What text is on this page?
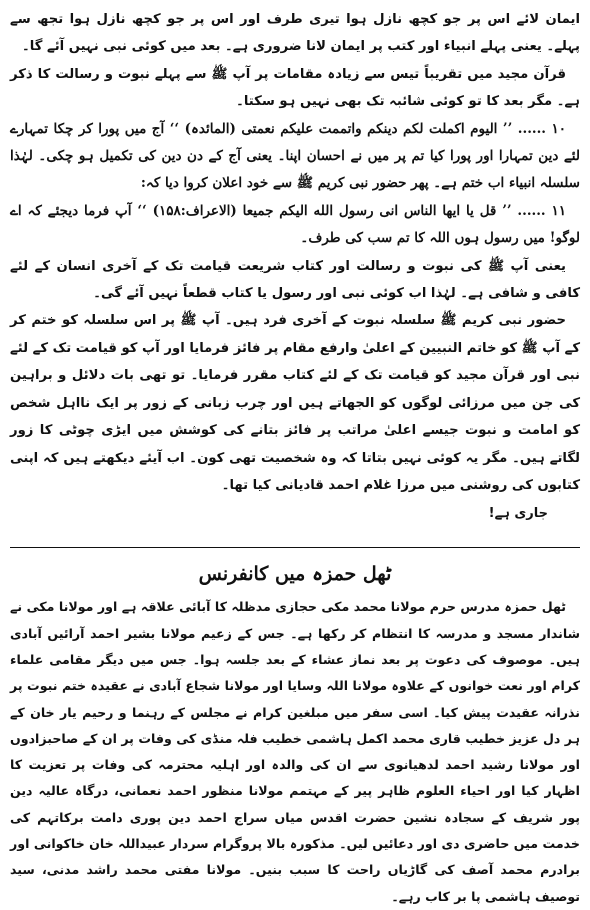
ایمان لائے اس پر جو کچھ نازل ہوا تیری طرف اور اس پر جو کچھ نازل ہوا تجھ سے پہلے۔ یعنی پہلے انبیاء اور کتب پر ایمان لانا ضروری ہے۔ بعد میں کوئی نبی نہیں آئے گا۔

قرآن مجید میں تقریباً تیس سے زیادہ مقامات پر آپ ﷺ سے پہلے نبوت و رسالت کا ذکر ہے۔ مگر بعد کا تو کوئی شائبہ تک بھی نہیں ہو سکتا۔

۱۰ ...... ’’ الیوم اکملت لکم دینکم واتممت علیکم نعمتی (المائدہ) ‘‘ آج میں پورا کر چکا تمہارے لئے دین تمہارا اور پورا کیا تم پر میں نے احسان اپنا۔ یعنی آج کے دن دین کی تکمیل ہو چکی۔ لہٰذا سلسلہ انبیاء اب ختم ہے۔ پھر حضور نبی کریم ﷺ سے خود اعلان کروا دیا کہ:

۱۱ ...... ’’ قل یا ایها الناس انی رسول الله الیکم جمیعا (الاعراف:۱۵۸) ‘‘ آپ فرما دیجئے کہ اے لوگو! میں رسول ہوں اللہ کا تم سب کی طرف۔

یعنی آپ ﷺ کی نبوت و رسالت اور کتاب شریعت قیامت تک کے آخری انسان کے لئے کافی و شافی ہے۔ لہٰذا اب کوئی نبی اور رسول یا کتاب قطعاً نہیں آئے گی۔

حضور نبی کریم ﷺ سلسلہ نبوت کے آخری فرد ہیں۔ آپ ﷺ پر اس سلسلہ کو ختم کر کے آپ ﷺ کو خاتم النبیین کے اعلیٰ وارفع مقام پر فائز فرمایا اور آپ کو قیامت تک کے لئے نبی اور قرآن مجید کو قیامت تک کے لئے کتاب مقرر فرمایا۔ تو تھی بات دلائل و براہین کی جن میں مرزائی لوگوں کو الجھاتے ہیں اور چرب زبانی کے زور پر ایک نااہل شخص کو امامت و نبوت جیسے اعلیٰ مراتب پر فائز بتانے کی کوشش میں ایڑی چوٹی کا زور لگاتے ہیں۔ مگر یہ کوئی نہیں بتاتا کہ وہ شخصیت تھی کون۔ اب آیئے دیکھتے ہیں کہ اپنی کتابوں کی روشنی میں مرزا غلام احمد قادیانی کیا تھا۔

جاری ہے!

ٹھل حمزہ میں کانفرنس

ٹھل حمزہ مدرس حرم مولانا محمد مکی حجازی مدظلہ کا آبائی علاقہ ہے اور مولانا مکی نے شاندار مسجد و مدرسہ کا انتظام کر رکھا ہے۔ جس کے زعیم مولانا بشیر احمد آرائیں آبادی ہیں۔ موصوف کی دعوت پر بعد نماز عشاء کے بعد جلسہ ہوا۔ جس میں دیگر مقامی علماء کرام اور نعت خوانوں کے علاوہ مولانا اللہ وسایا اور مولانا شجاع آبادی نے عقیدہ ختم نبوت پر نذرانہ عقیدت پیش کیا۔ اسی سفر میں مبلغین کرام نے مجلس کے رہنما و رحیم یار خان کے ہر دل عزیز خطیب قاری محمد اکمل ہاشمی خطیب فلہ منڈی کی وفات پر ان کے صاحبزادوں اور مولانا رشید احمد لدھیانوی سے ان کی والدہ اور اہلیہ محترمہ کی وفات پر تعزیت کا اظہار کیا اور احیاء العلوم ظاہر پیر کے مہتمم مولانا منظور احمد نعمانی، درگاہ عالیہ دین پور شریف کے سجادہ نشین حضرت اقدس میاں سراج احمد دین پوری دامت برکاتہم کی خدمت میں حاضری دی اور دعائیں لیں۔ مذکورہ بالا پروگرام سردار عبیداللہ خان خاکوانی اور برادرم محمد آصف کی گاڑیاں راحت کا سبب بنیں۔ مولانا مفتی محمد راشد مدنی، سید توصیف ہاشمی پا بر کاب رہے۔
